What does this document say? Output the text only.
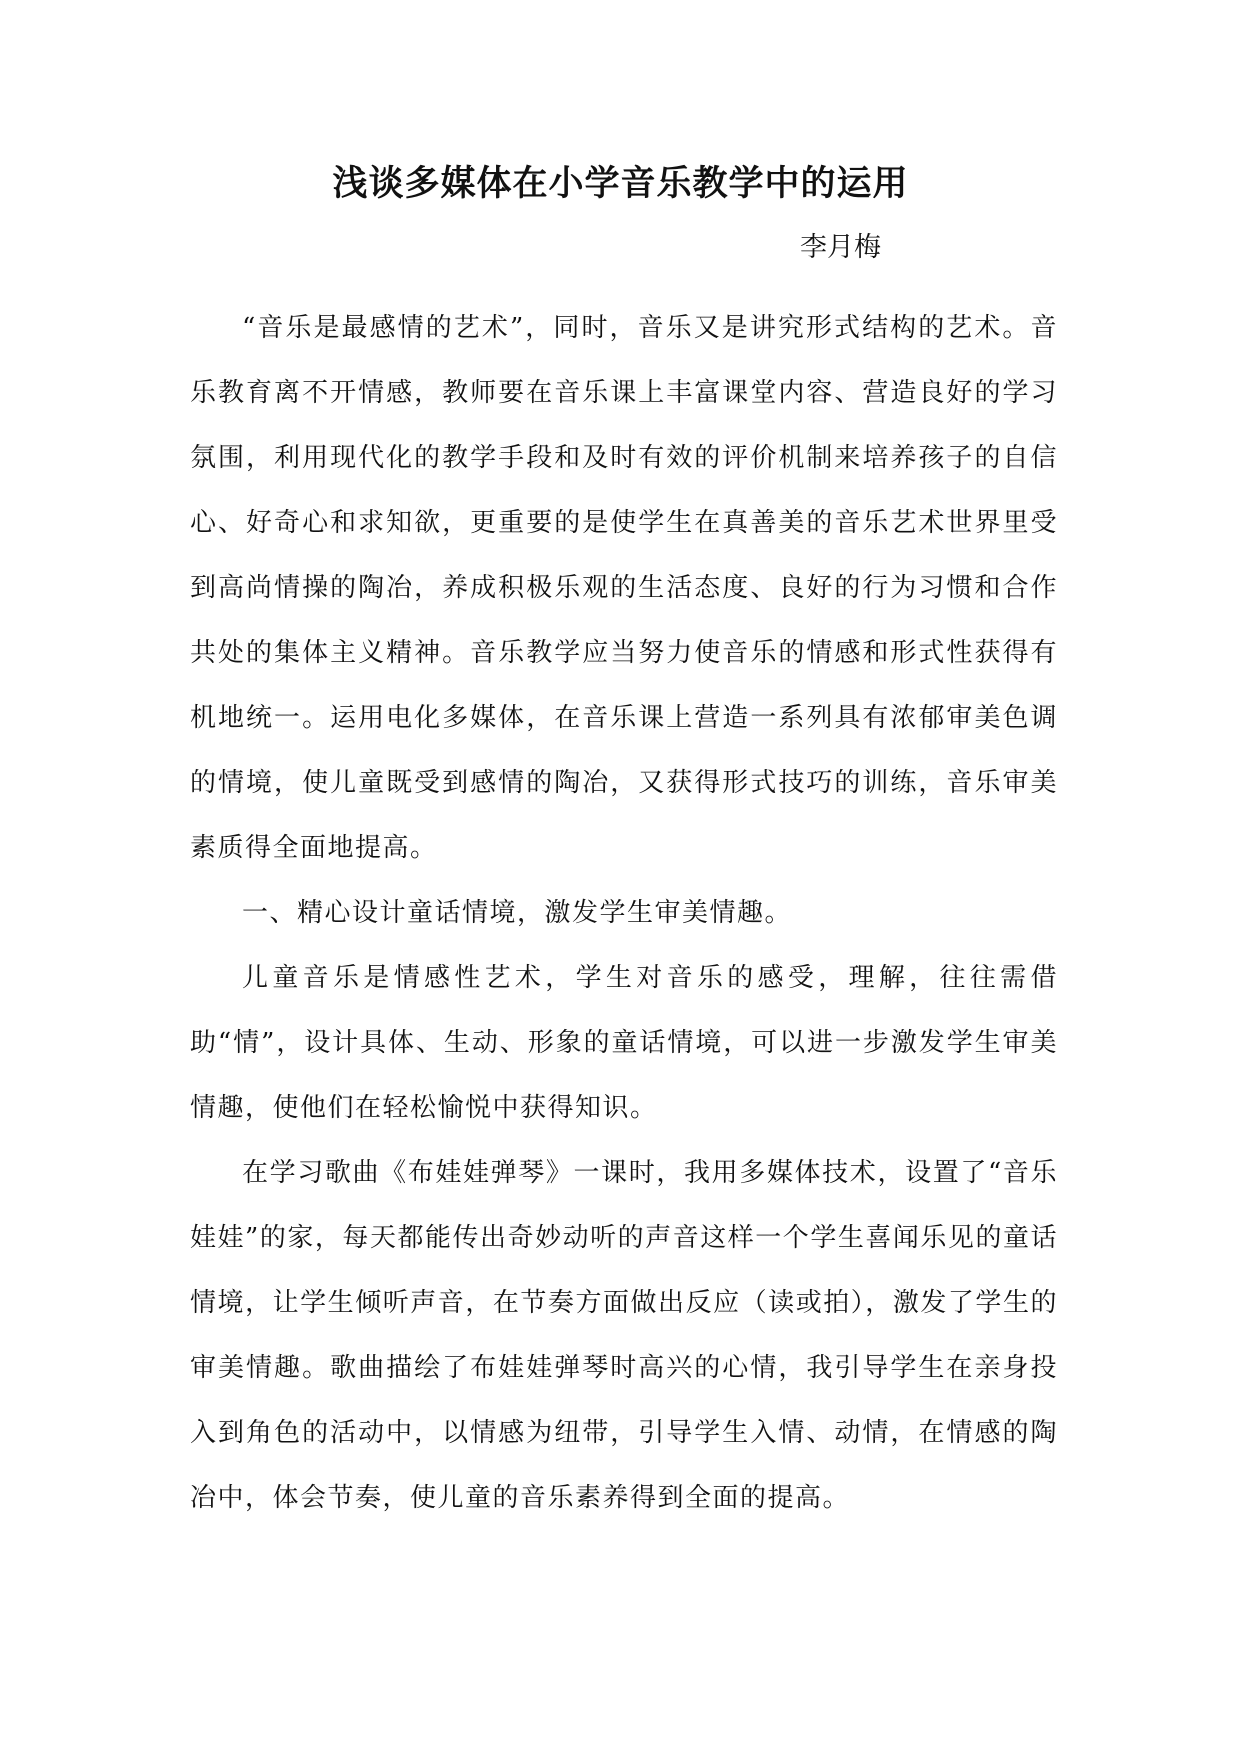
浅谈多媒体在小学音乐教学中的运用
李月梅

“音乐是最感情的艺术”，同时，音乐又是讲究形式结构的艺术。音乐教育离不开情感，教师要在音乐课上丰富课堂内容、营造良好的学习氛围，利用现代化的教学手段和及时有效的评价机制来培养孩子的自信心、好奇心和求知欲，更重要的是使学生在真善美的音乐艺术世界里受到高尚情操的陶冶，养成积极乐观的生活态度、良好的行为习惯和合作共处的集体主义精神。音乐教学应当努力使音乐的情感和形式性获得有机地统一。运用电化多媒体，在音乐课上营造一系列具有浓郁审美色调的情境，使儿童既受到感情的陶冶，又获得形式技巧的训练，音乐审美素质得全面地提高。

一、精心设计童话情境，激发学生审美情趣。

儿童音乐是情感性艺术，学生对音乐的感受，理解，往往需借助“情”，设计具体、生动、形象的童话情境，可以进一步激发学生审美情趣，使他们在轻松愉悦中获得知识。

在学习歌曲《布娃娃弹琴》一课时，我用多媒体技术，设置了“音乐娃娃”的家，每天都能传出奇妙动听的声音这样一个学生喜闻乐见的童话情境，让学生倾听声音，在节奏方面做出反应（读或拍），激发了学生的审美情趣。歌曲描绘了布娃娃弹琴时高兴的心情，我引导学生在亲身投入到角色的活动中，以情感为纽带，引导学生入情、动情，在情感的陶冶中，体会节奏，使儿童的音乐素养得到全面的提高。
